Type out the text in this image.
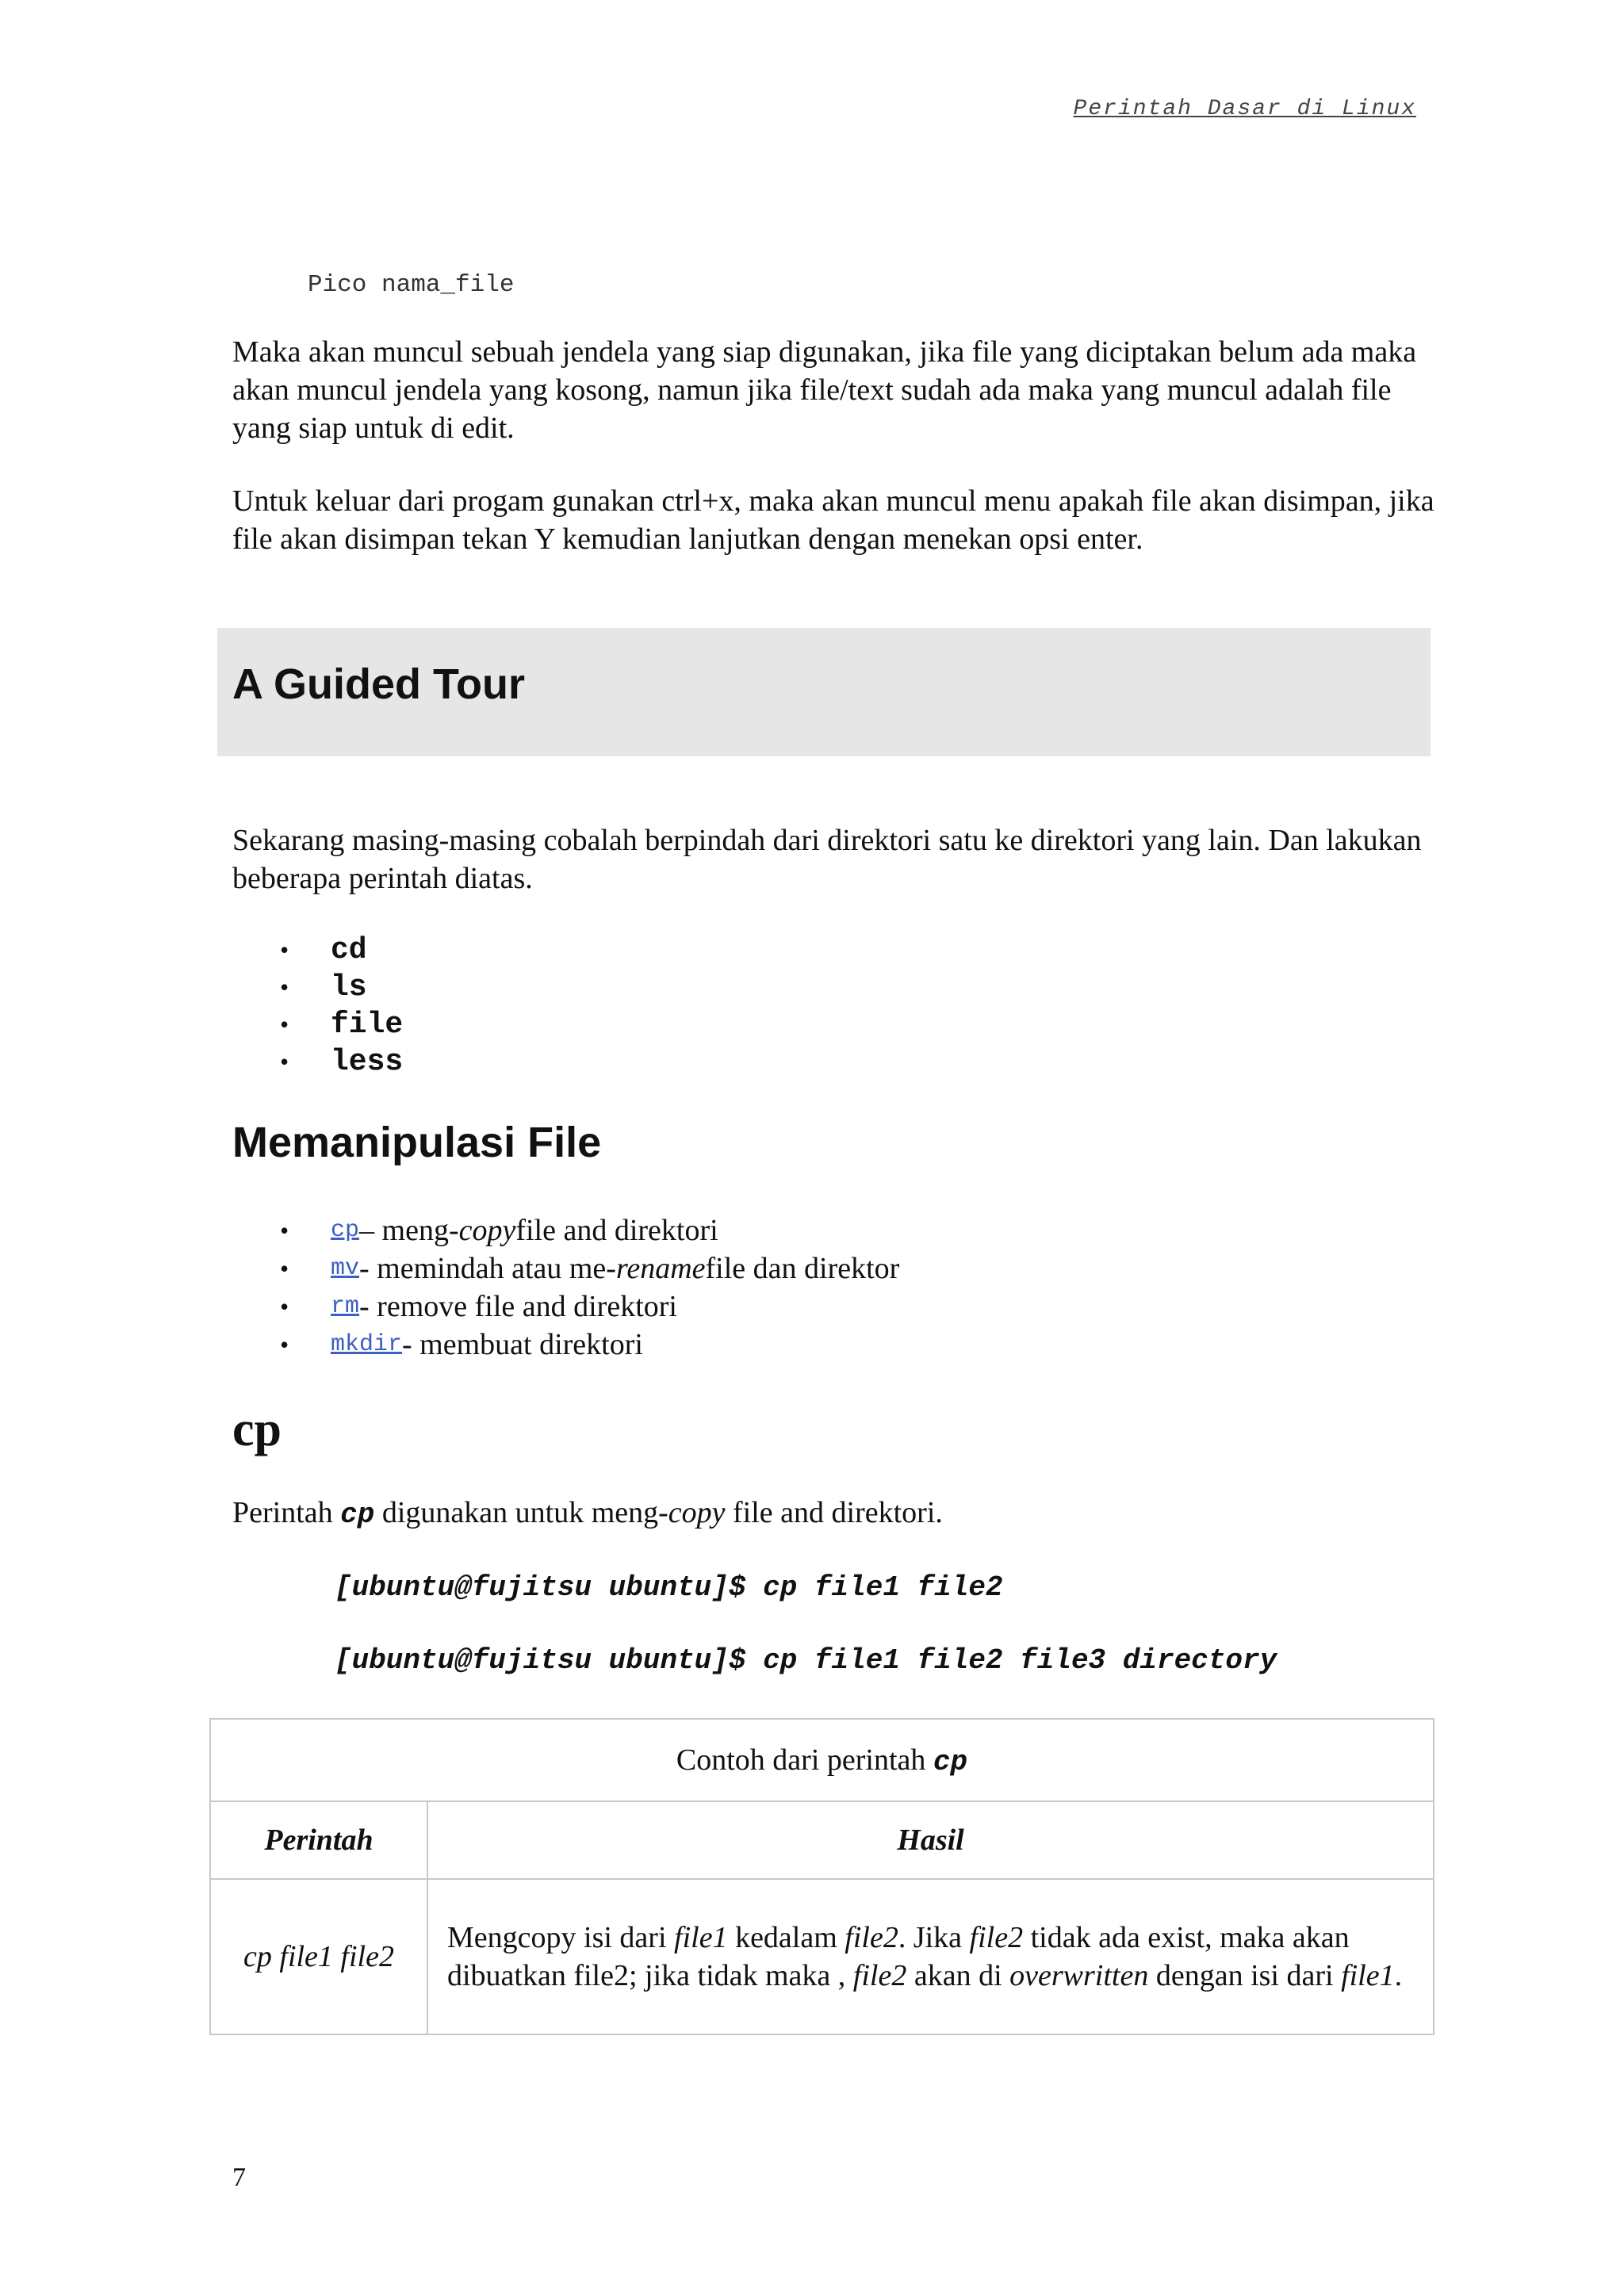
Perintah Dasar di Linux
Pico nama_file

Maka akan muncul sebuah jendela yang siap digunakan, jika file yang diciptakan belum ada maka akan muncul jendela yang kosong, namun jika file/text sudah ada maka yang muncul adalah file yang siap untuk di edit.

Untuk keluar dari progam gunakan ctrl+x, maka akan muncul menu apakah file akan disimpan, jika file akan disimpan tekan Y kemudian lanjutkan dengan menekan opsi enter.

A Guided Tour

Sekarang masing-masing cobalah berpindah dari direktori satu ke direktori yang lain. Dan lakukan beberapa perintah diatas.

•	cd
•	ls
•	file
•	less
Memanipulasi File
•	cp – meng- copy file and direktori
•	mv - memindah atau me- rename file dan direktor
•	rm - remove file and direktori
•	mkdir - membuat direktori
cp

Perintah cp digunakan untuk meng-copy file and direktori.

[ubuntu@fujitsu ubuntu]$ cp file1 file2
[ubuntu@fujitsu ubuntu]$ cp file1 file2 file3 directory
Contoh dari perintah cp	
Perintah	Hasil
cp file1 file2	Mengcopy isi dari file1 kedalam file2. Jika file2 tidak ada exist, maka akan dibuatkan file2; jika tidak maka , file2 akan di overwritten dengan isi dari file1.
7
